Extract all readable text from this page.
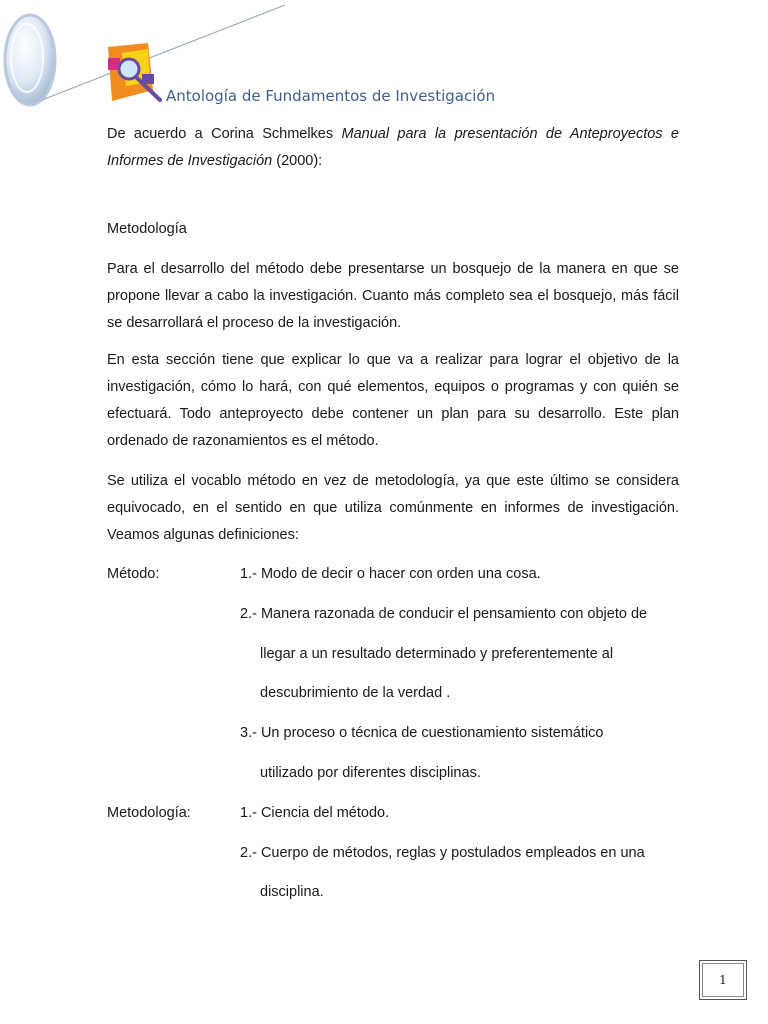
Antología de Fundamentos de Investigación
De acuerdo a Corina Schmelkes Manual para la presentación de Anteproyectos e Informes de Investigación (2000):
Metodología

Para el desarrollo del método debe presentarse un bosquejo de la manera en que se propone llevar a cabo la investigación. Cuanto más completo sea el bosquejo, más fácil se desarrollará el proceso de la investigación.

En esta sección tiene que explicar lo que va a realizar para lograr el objetivo de la investigación, cómo lo hará, con qué elementos, equipos o programas y con quién se efectuará. Todo anteproyecto debe contener un plan para su desarrollo. Este plan ordenado de razonamientos es el método.

Se utiliza el vocablo método en vez de metodología, ya que este último se considera equivocado, en el sentido en que utiliza comúnmente en informes de investigación. Veamos algunas definiciones:

Método:	1.- Modo de decir o hacer con orden una cosa.
2.- Manera razonada de conducir el pensamiento con objeto de
llegar a un resultado determinado y preferentemente al
descubrimiento de la verdad .
3.- Un proceso o técnica de cuestionamiento sistemático
utilizado por diferentes disciplinas.
Metodología:	1.- Ciencia del método.
2.- Cuerpo de métodos, reglas y postulados empleados en una
disciplina.
1
